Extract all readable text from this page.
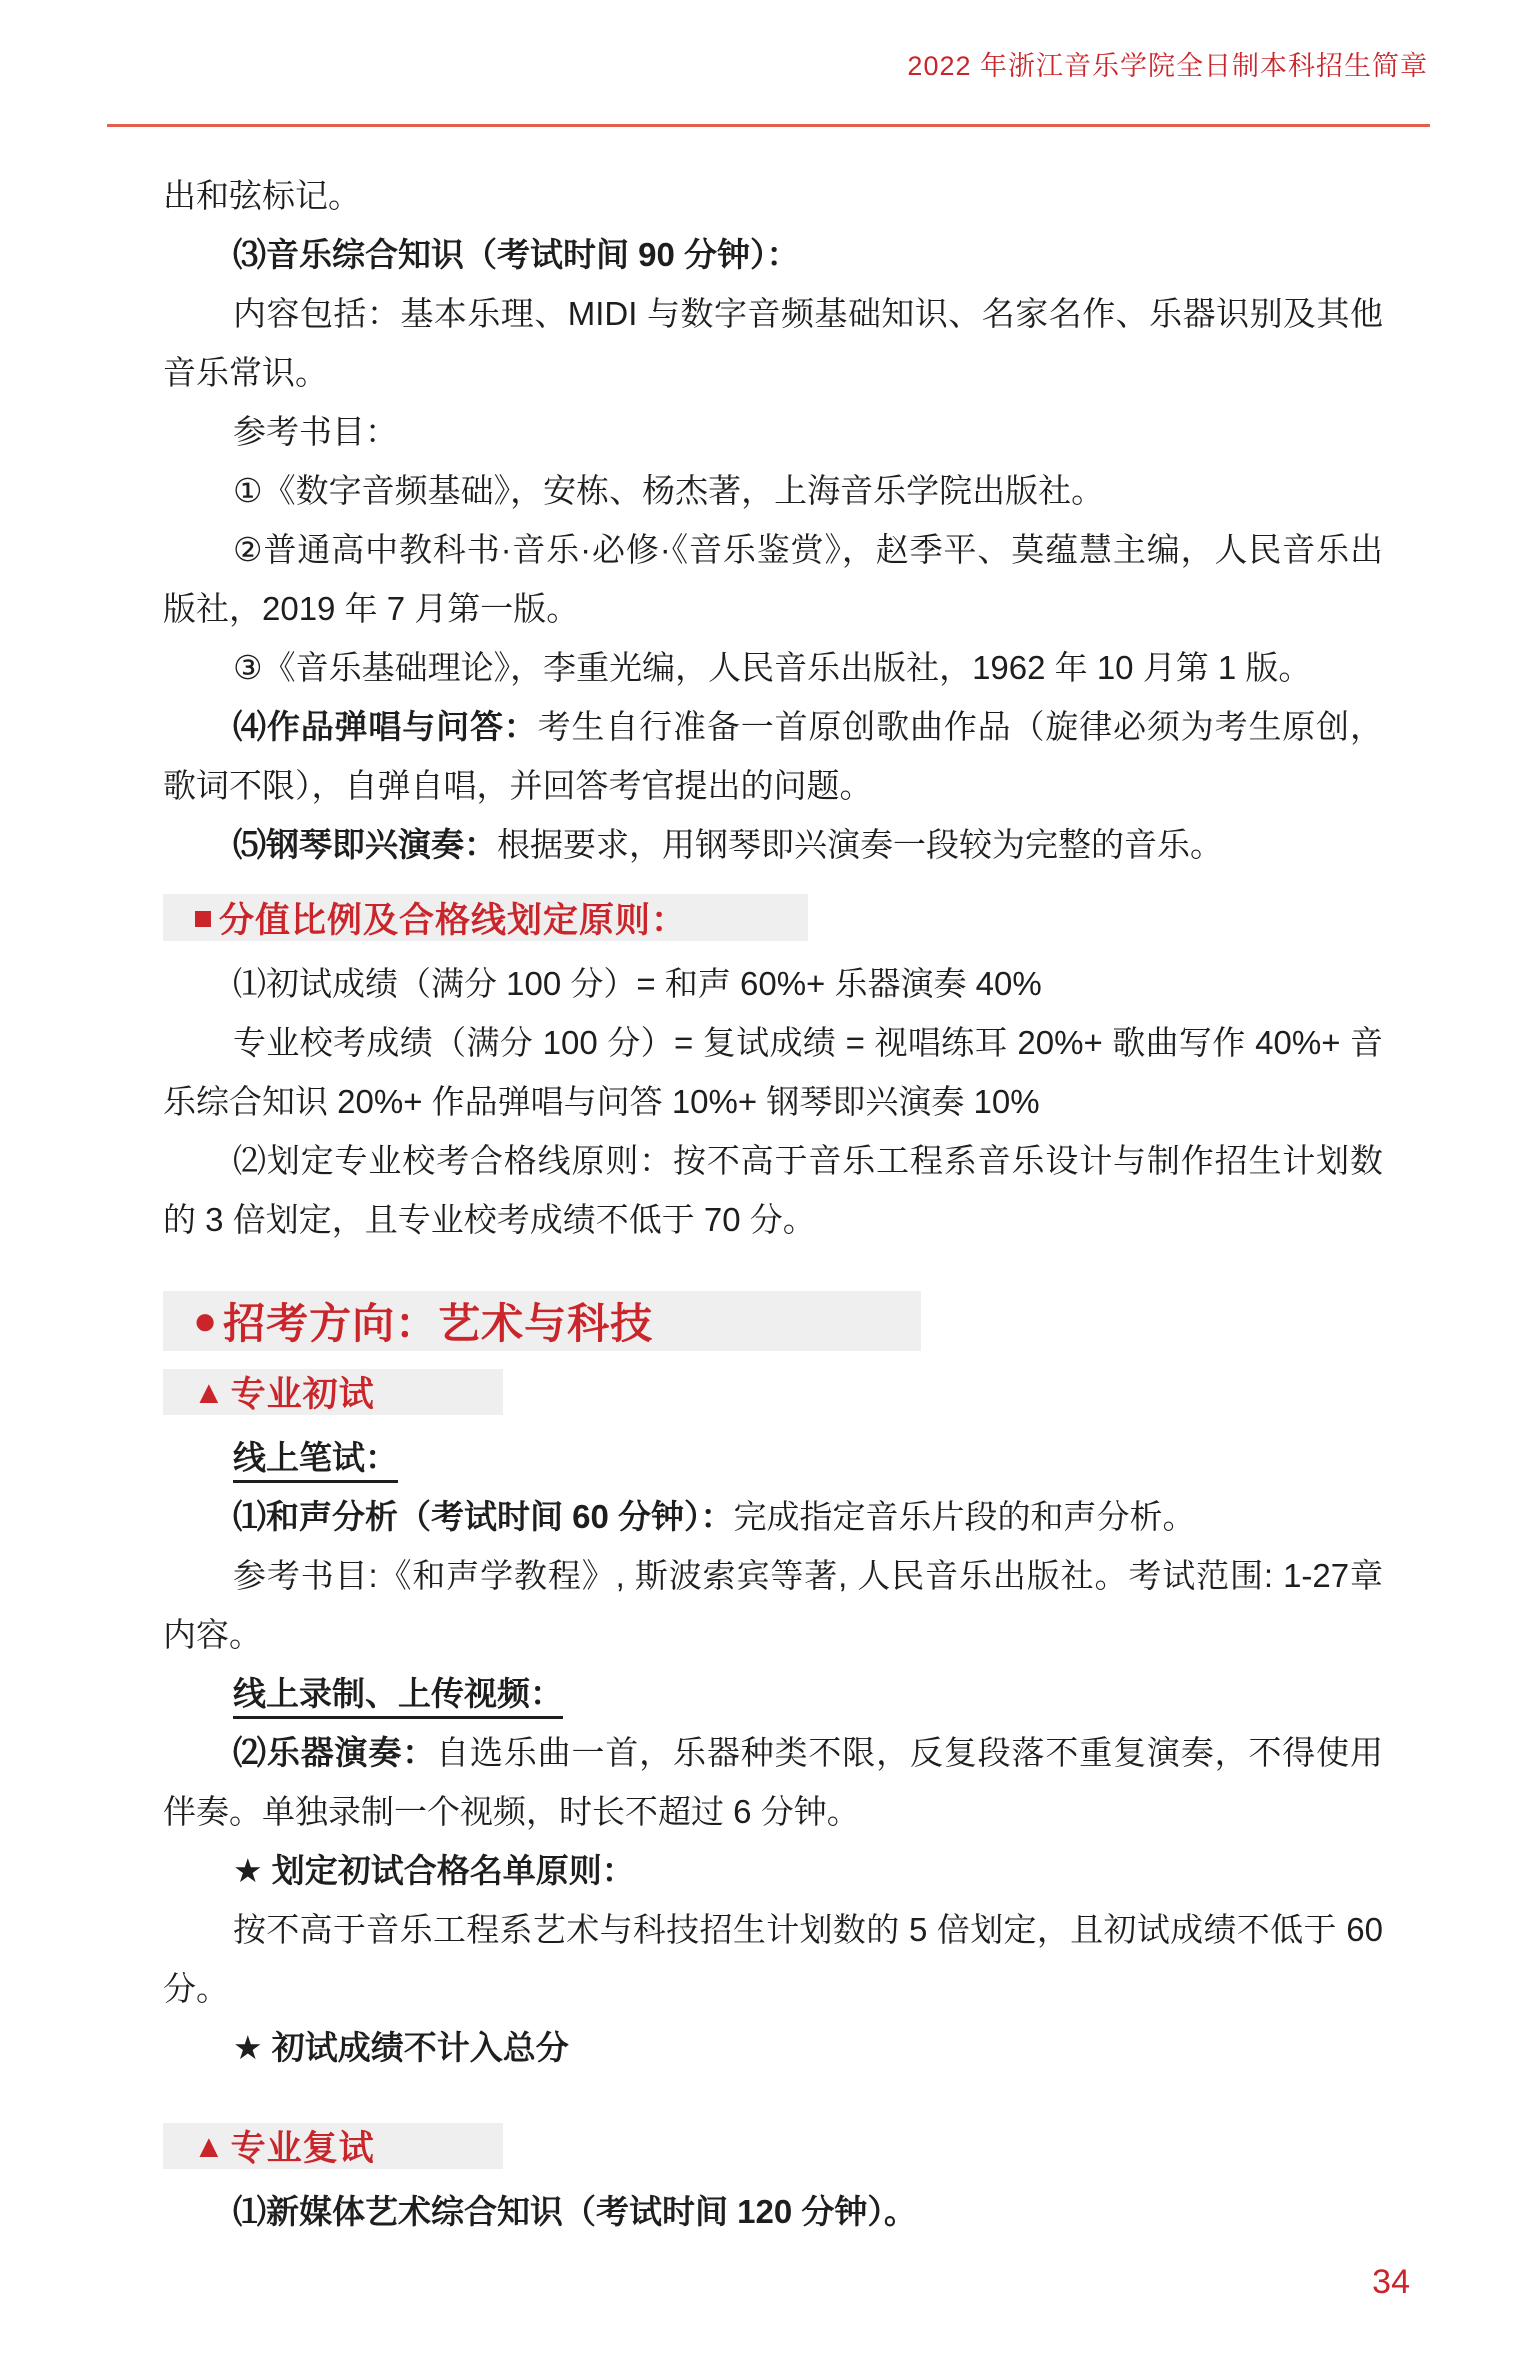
2022 年浙江音乐学院全日制本科招生简章

出和弦标记。

⑶音乐综合知识（考试时间 90 分钟）：

内容包括：基本乐理、MIDI 与数字音频基础知识、名家名作、乐器识别及其他音乐常识。

参考书目：

①《数字音频基础》，安栋、杨杰著，上海音乐学院出版社。

②普通高中教科书·音乐·必修·《音乐鉴赏》，赵季平、莫蕴慧主编，人民音乐出版社，2019 年 7 月第一版。

③《音乐基础理论》，李重光编，人民音乐出版社，1962 年 10 月第 1 版。

⑷作品弹唱与问答：考生自行准备一首原创歌曲作品（旋律必须为考生原创，歌词不限），自弹自唱，并回答考官提出的问题。

⑸钢琴即兴演奏：根据要求，用钢琴即兴演奏一段较为完整的音乐。

■ 分值比例及合格线划定原则：

⑴初试成绩（满分 100 分）= 和声 60%+ 乐器演奏 40%

专业校考成绩（满分 100 分）= 复试成绩 = 视唱练耳 20%+ 歌曲写作 40%+ 音乐综合知识 20%+ 作品弹唱与问答 10%+ 钢琴即兴演奏 10%

⑵划定专业校考合格线原则：按不高于音乐工程系音乐设计与制作招生计划数的 3 倍划定，且专业校考成绩不低于 70 分。

● 招考方向：艺术与科技
▲ 专业初试

线上笔试：

⑴和声分析（考试时间 60 分钟）：完成指定音乐片段的和声分析。

参考书目:《和声学教程》, 斯波索宾等著, 人民音乐出版社。考试范围: 1-27章内容。

线上录制、上传视频：

⑵乐器演奏：自选乐曲一首，乐器种类不限，反复段落不重复演奏，不得使用伴奏。单独录制一个视频，时长不超过 6 分钟。

★ 划定初试合格名单原则：

按不高于音乐工程系艺术与科技招生计划数的 5 倍划定，且初试成绩不低于 60 分。

★ 初试成绩不计入总分

▲ 专业复试

⑴新媒体艺术综合知识（考试时间 120 分钟）。

34
